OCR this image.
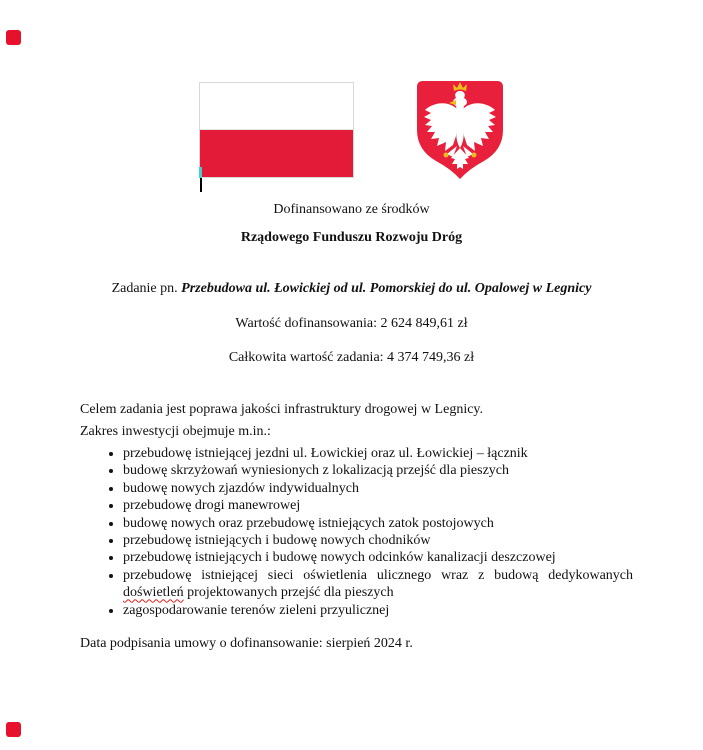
Dofinansowano ze środków
Rządowego Funduszu Rozwoju Dróg
Zadanie pn. Przebudowa ul. Łowickiej od ul. Pomorskiej do ul. Opalowej w Legnicy
Wartość dofinansowania: 2 624 849,61 zł
Całkowita wartość zadania: 4 374 749,36 zł
Celem zadania jest poprawa jakości infrastruktury drogowej w Legnicy.
Zakres inwestycji obejmuje m.in.:
• przebudowę istniejącej jezdni ul. Łowickiej oraz ul. Łowickiej – łącznik
• budowę skrzyżowań wyniesionych z lokalizacją przejść dla pieszych
• budowę nowych zjazdów indywidualnych
• przebudowę drogi manewrowej
• budowę nowych oraz przebudowę istniejących zatok postojowych
• przebudowę istniejących i budowę nowych chodników
• przebudowę istniejących i budowę nowych odcinków kanalizacji deszczowej
• przebudowę istniejącej sieci oświetlenia ulicznego wraz z budową dedykowanych doświetleń projektowanych przejść dla pieszych
• zagospodarowanie terenów zieleni przyulicznej
Data podpisania umowy o dofinansowanie: sierpień 2024 r.
